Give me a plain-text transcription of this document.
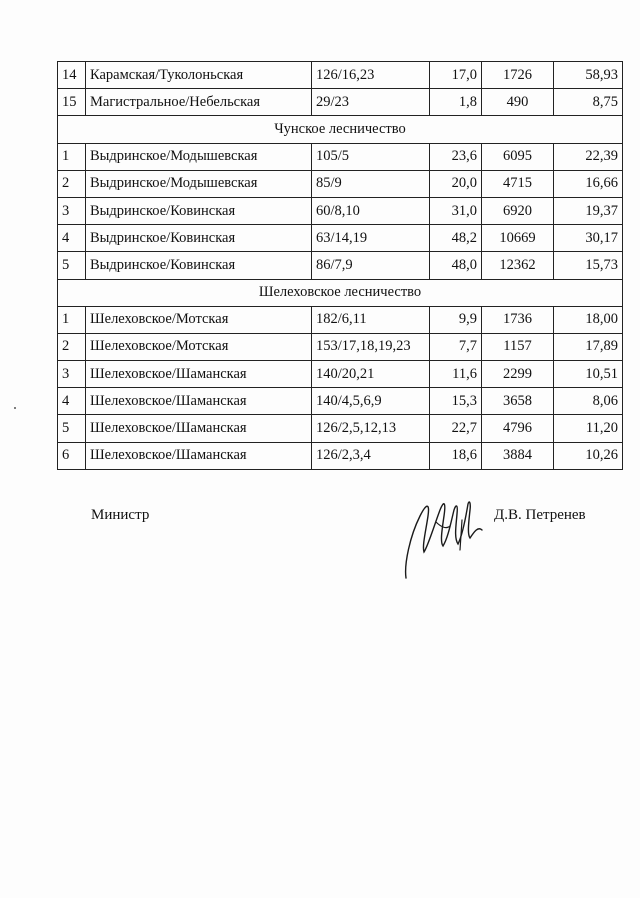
14	Карамская/Туколоньская	126/16,23	17,0	1726	58,93
15	Магистральное/Небельская	29/23	1,8	490	8,75
Чунское лесничество					
1	Выдринское/Модышевская	105/5	23,6	6095	22,39
2	Выдринское/Модышевская	85/9	20,0	4715	16,66
3	Выдринское/Ковинская	60/8,10	31,0	6920	19,37
4	Выдринское/Ковинская	63/14,19	48,2	10669	30,17
5	Выдринское/Ковинская	86/7,9	48,0	12362	15,73
Шелеховское лесничество					
1	Шелеховское/Мотская	182/6,11	9,9	1736	18,00
2	Шелеховское/Мотская	153/17,18,19,23	7,7	1157	17,89
3	Шелеховское/Шаманская	140/20,21	11,6	2299	10,51
4	Шелеховское/Шаманская	140/4,5,6,9	15,3	3658	8,06
5	Шелеховское/Шаманская	126/2,5,12,13	22,7	4796	11,20
6	Шелеховское/Шаманская	126/2,3,4	18,6	3884	10,26
Министр	Д.В. Петренев
